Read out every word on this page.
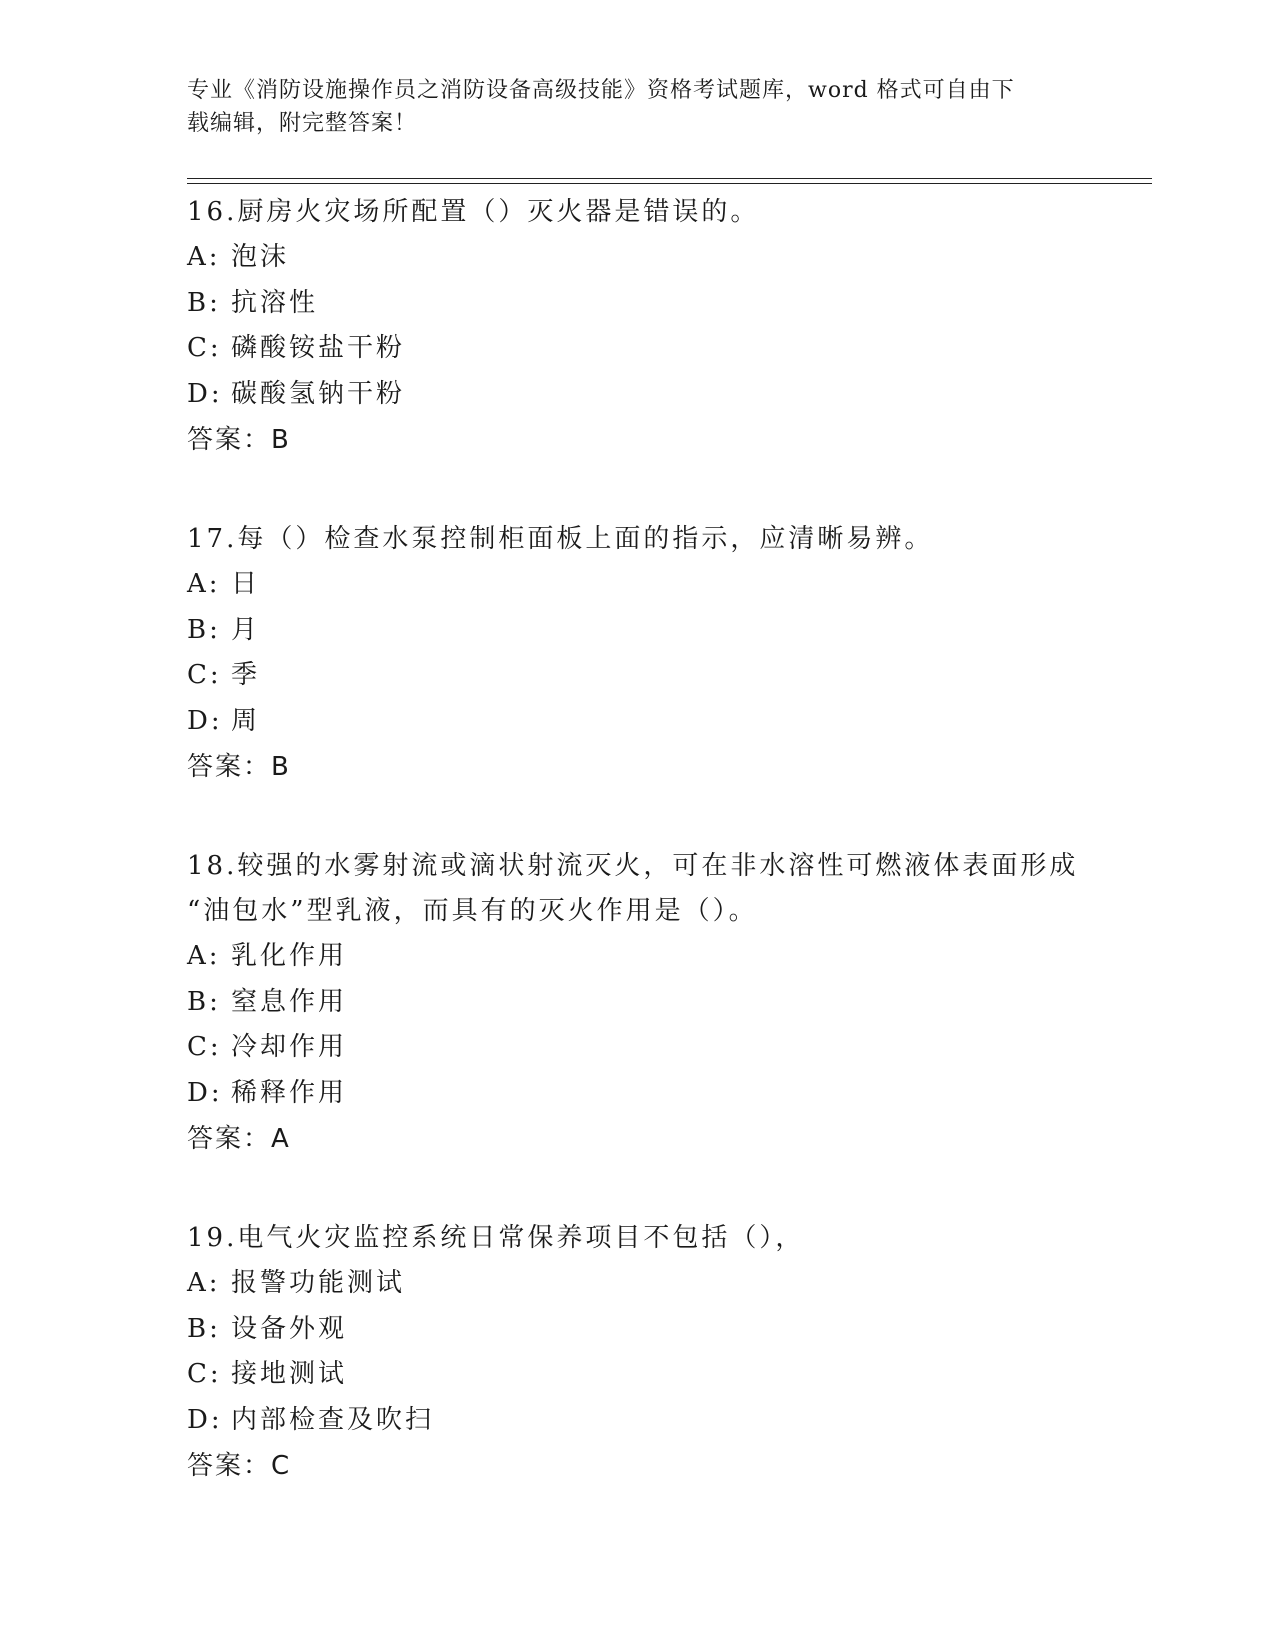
专业《消防设施操作员之消防设备高级技能》资格考试题库，word 格式可自由下
载编辑，附完整答案！
16.厨房火灾场所配置（）灭火器是错误的。
A: 泡沫
B: 抗溶性
C: 磷酸铵盐干粉
D: 碳酸氢钠干粉
答案：B
17.每（）检查水泵控制柜面板上面的指示，应清晰易辨。
A: 日
B: 月
C: 季
D: 周
答案：B
18.较强的水雾射流或滴状射流灭火，可在非水溶性可燃液体表面形成
“油包水”型乳液，而具有的灭火作用是（）。
A: 乳化作用
B: 窒息作用
C: 冷却作用
D: 稀释作用
答案：A
19.电气火灾监控系统日常保养项目不包括（），
A: 报警功能测试
B: 设备外观
C: 接地测试
D: 内部检查及吹扫
答案：C
